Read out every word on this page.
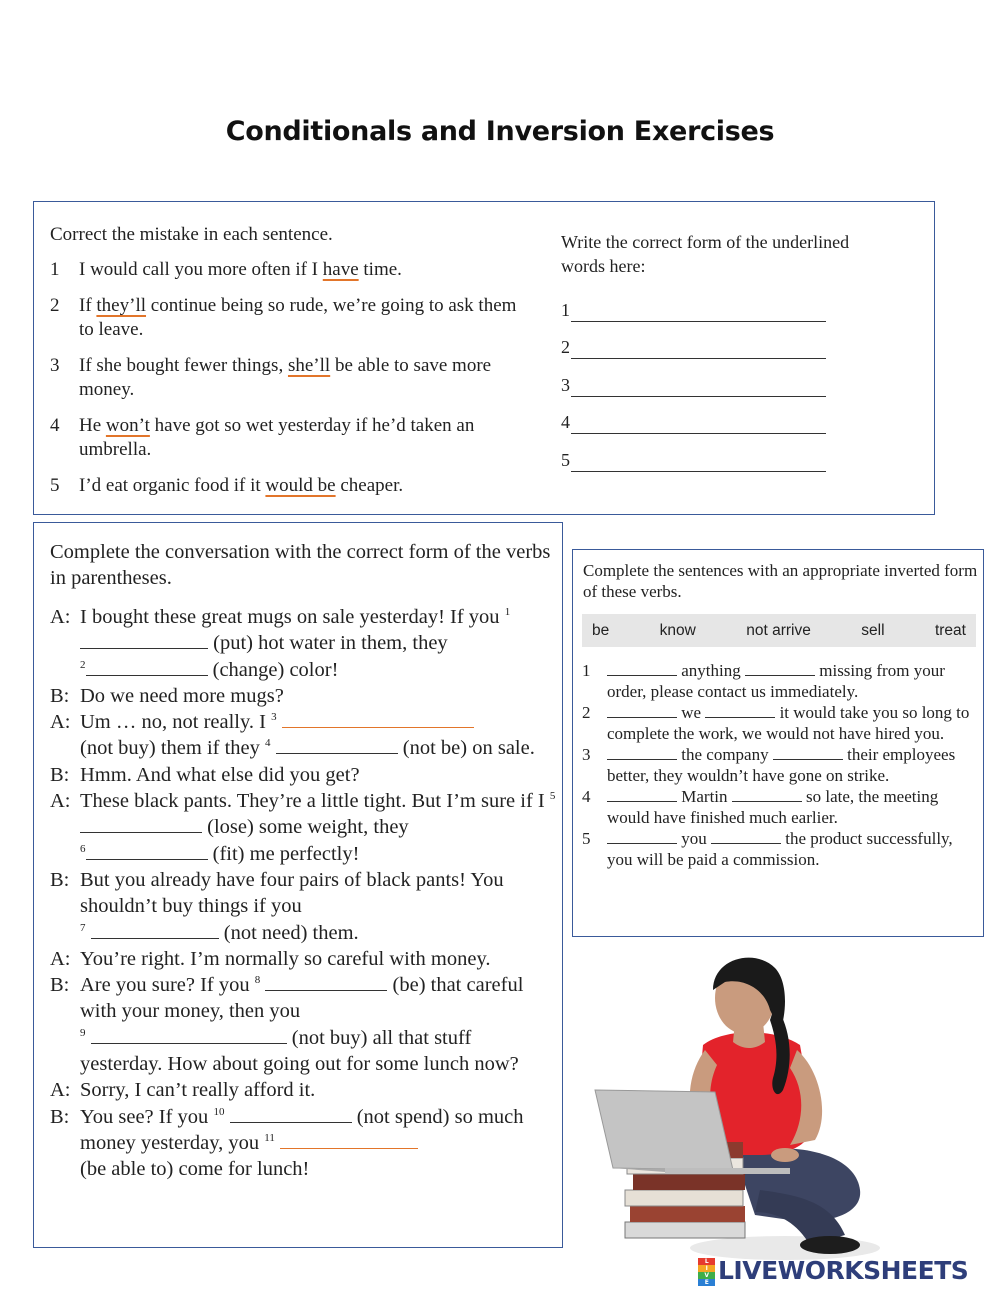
Conditionals and Inversion Exercises
Correct the mistake in each sentence.
1	I would call you more often if I have time.
2	If they’ll continue being so rude, we’re going to ask them to leave.
3	If she bought fewer things, she’ll be able to save more money.
4	He won’t have got so wet yesterday if he’d taken an umbrella.
5	I’d eat organic food if it would be cheaper.
Write the correct form of the underlined words here:
1
2
3
4
5
Complete the conversation with the correct form of the verbs in parentheses.
A: I bought these great mugs on sale yesterday! If you $^1$  (put) hot water in them, they
$^2$	(change) color!
B: Do we need more mugs?
A: Um … no, not really. I $^3$
(not buy) them if they $^4$	(not be) on sale.
B: Hmm. And what else did you get?
A: These black pants. They’re a little tight. But I’m sure if I $^5$  (lose) some weight, they
$^6$	(fit) me perfectly!
B: But you already have four pairs of black pants! You shouldn’t buy things if you
$^7$	(not need) them.
A: You’re right. I’m normally so careful with money.
B: Are you sure? If you $^8$	(be) that careful with your money, then you
$^9$	(not buy) all that stuff yesterday. How about going out for some lunch now?
A: Sorry, I can’t really afford it.
B: You see? If you $^{10}$	(not spend) so much money yesterday, you $^{11}$
(be able to) come for lunch!
Complete the sentences with an appropriate inverted form of these verbs.
be	know	not arrive	sell	treat
1	anything	missing from your order, please contact us immediately.
2	we	it would take you so long to complete the work, we would not have hired you.
3	the company	their employees better, they wouldn’t have gone on strike.
4	Martin	so late, the meeting would have finished much earlier.
5	you	the product successfully, you will be paid a commission.
L
I
V
E LIVEWORKSHEETS
